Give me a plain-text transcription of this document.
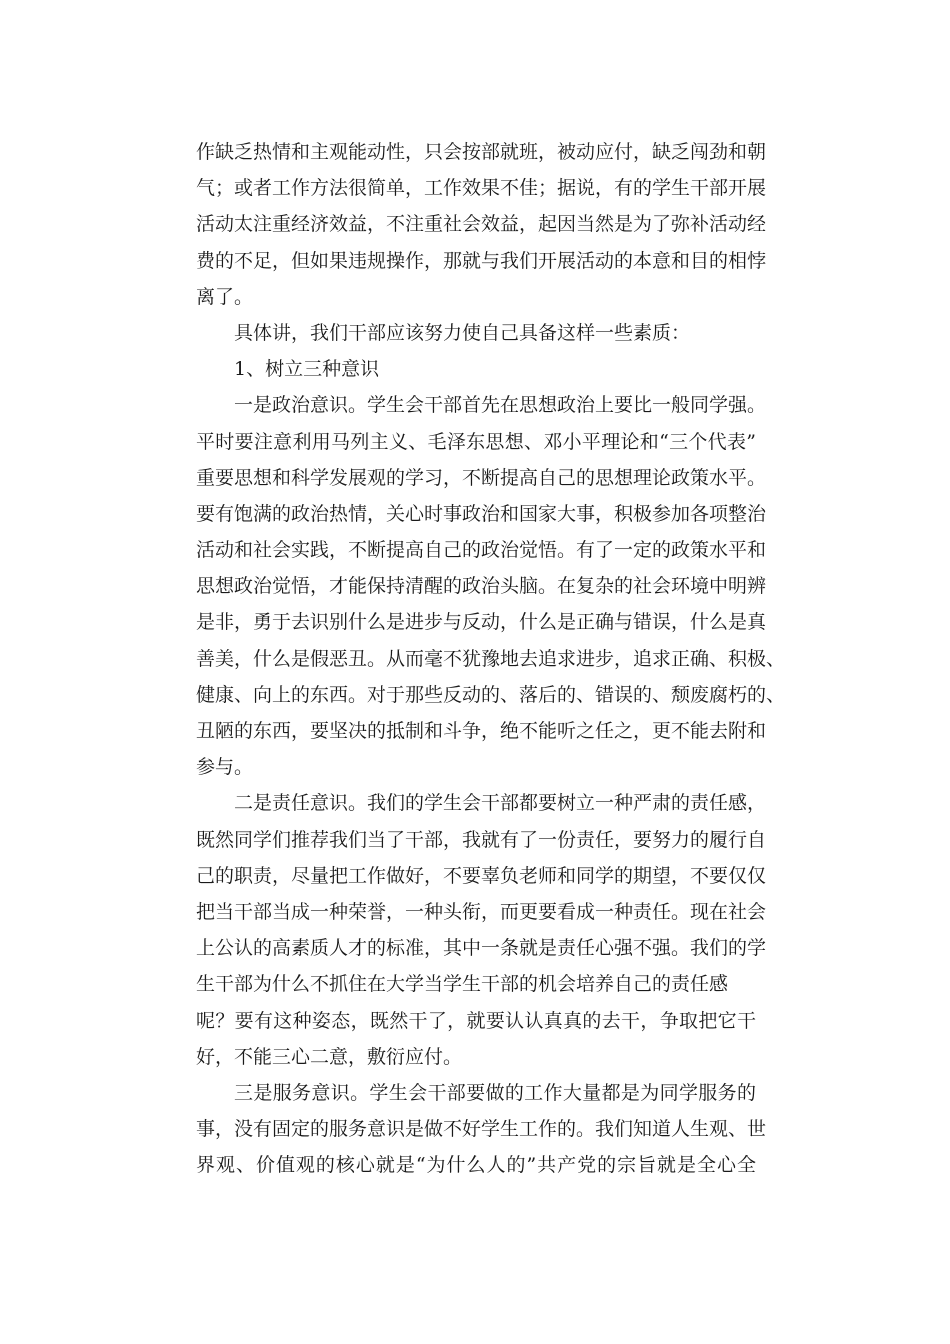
作缺乏热情和主观能动性，只会按部就班，被动应付，缺乏闯劲和朝
气；或者工作方法很简单，工作效果不佳；据说，有的学生干部开展
活动太注重经济效益，不注重社会效益，起因当然是为了弥补活动经
费的不足，但如果违规操作，那就与我们开展活动的本意和目的相悖
离了。
具体讲，我们干部应该努力使自己具备这样一些素质：
1、树立三种意识
一是政治意识。学生会干部首先在思想政治上要比一般同学强。
平时要注意利用马列主义、毛泽东思想、邓小平理论和“三个代表”
重要思想和科学发展观的学习，不断提高自己的思想理论政策水平。
要有饱满的政治热情，关心时事政治和国家大事，积极参加各项整治
活动和社会实践，不断提高自己的政治觉悟。有了一定的政策水平和
思想政治觉悟，才能保持清醒的政治头脑。在复杂的社会环境中明辨
是非，勇于去识别什么是进步与反动，什么是正确与错误，什么是真
善美，什么是假恶丑。从而毫不犹豫地去追求进步，追求正确、积极、
健康、向上的东西。对于那些反动的、落后的、错误的、颓废腐朽的、
丑陋的东西，要坚决的抵制和斗争，绝不能听之任之，更不能去附和
参与。
二是责任意识。我们的学生会干部都要树立一种严肃的责任感，
既然同学们推荐我们当了干部，我就有了一份责任，要努力的履行自
己的职责，尽量把工作做好，不要辜负老师和同学的期望，不要仅仅
把当干部当成一种荣誉，一种头衔，而更要看成一种责任。现在社会
上公认的高素质人才的标准，其中一条就是责任心强不强。我们的学
生干部为什么不抓住在大学当学生干部的机会培养自己的责任感
呢？要有这种姿态，既然干了，就要认认真真的去干，争取把它干
好，不能三心二意，敷衍应付。
三是服务意识。学生会干部要做的工作大量都是为同学服务的
事，没有固定的服务意识是做不好学生工作的。我们知道人生观、世
界观、价值观的核心就是“为什么人的”共产党的宗旨就是全心全
